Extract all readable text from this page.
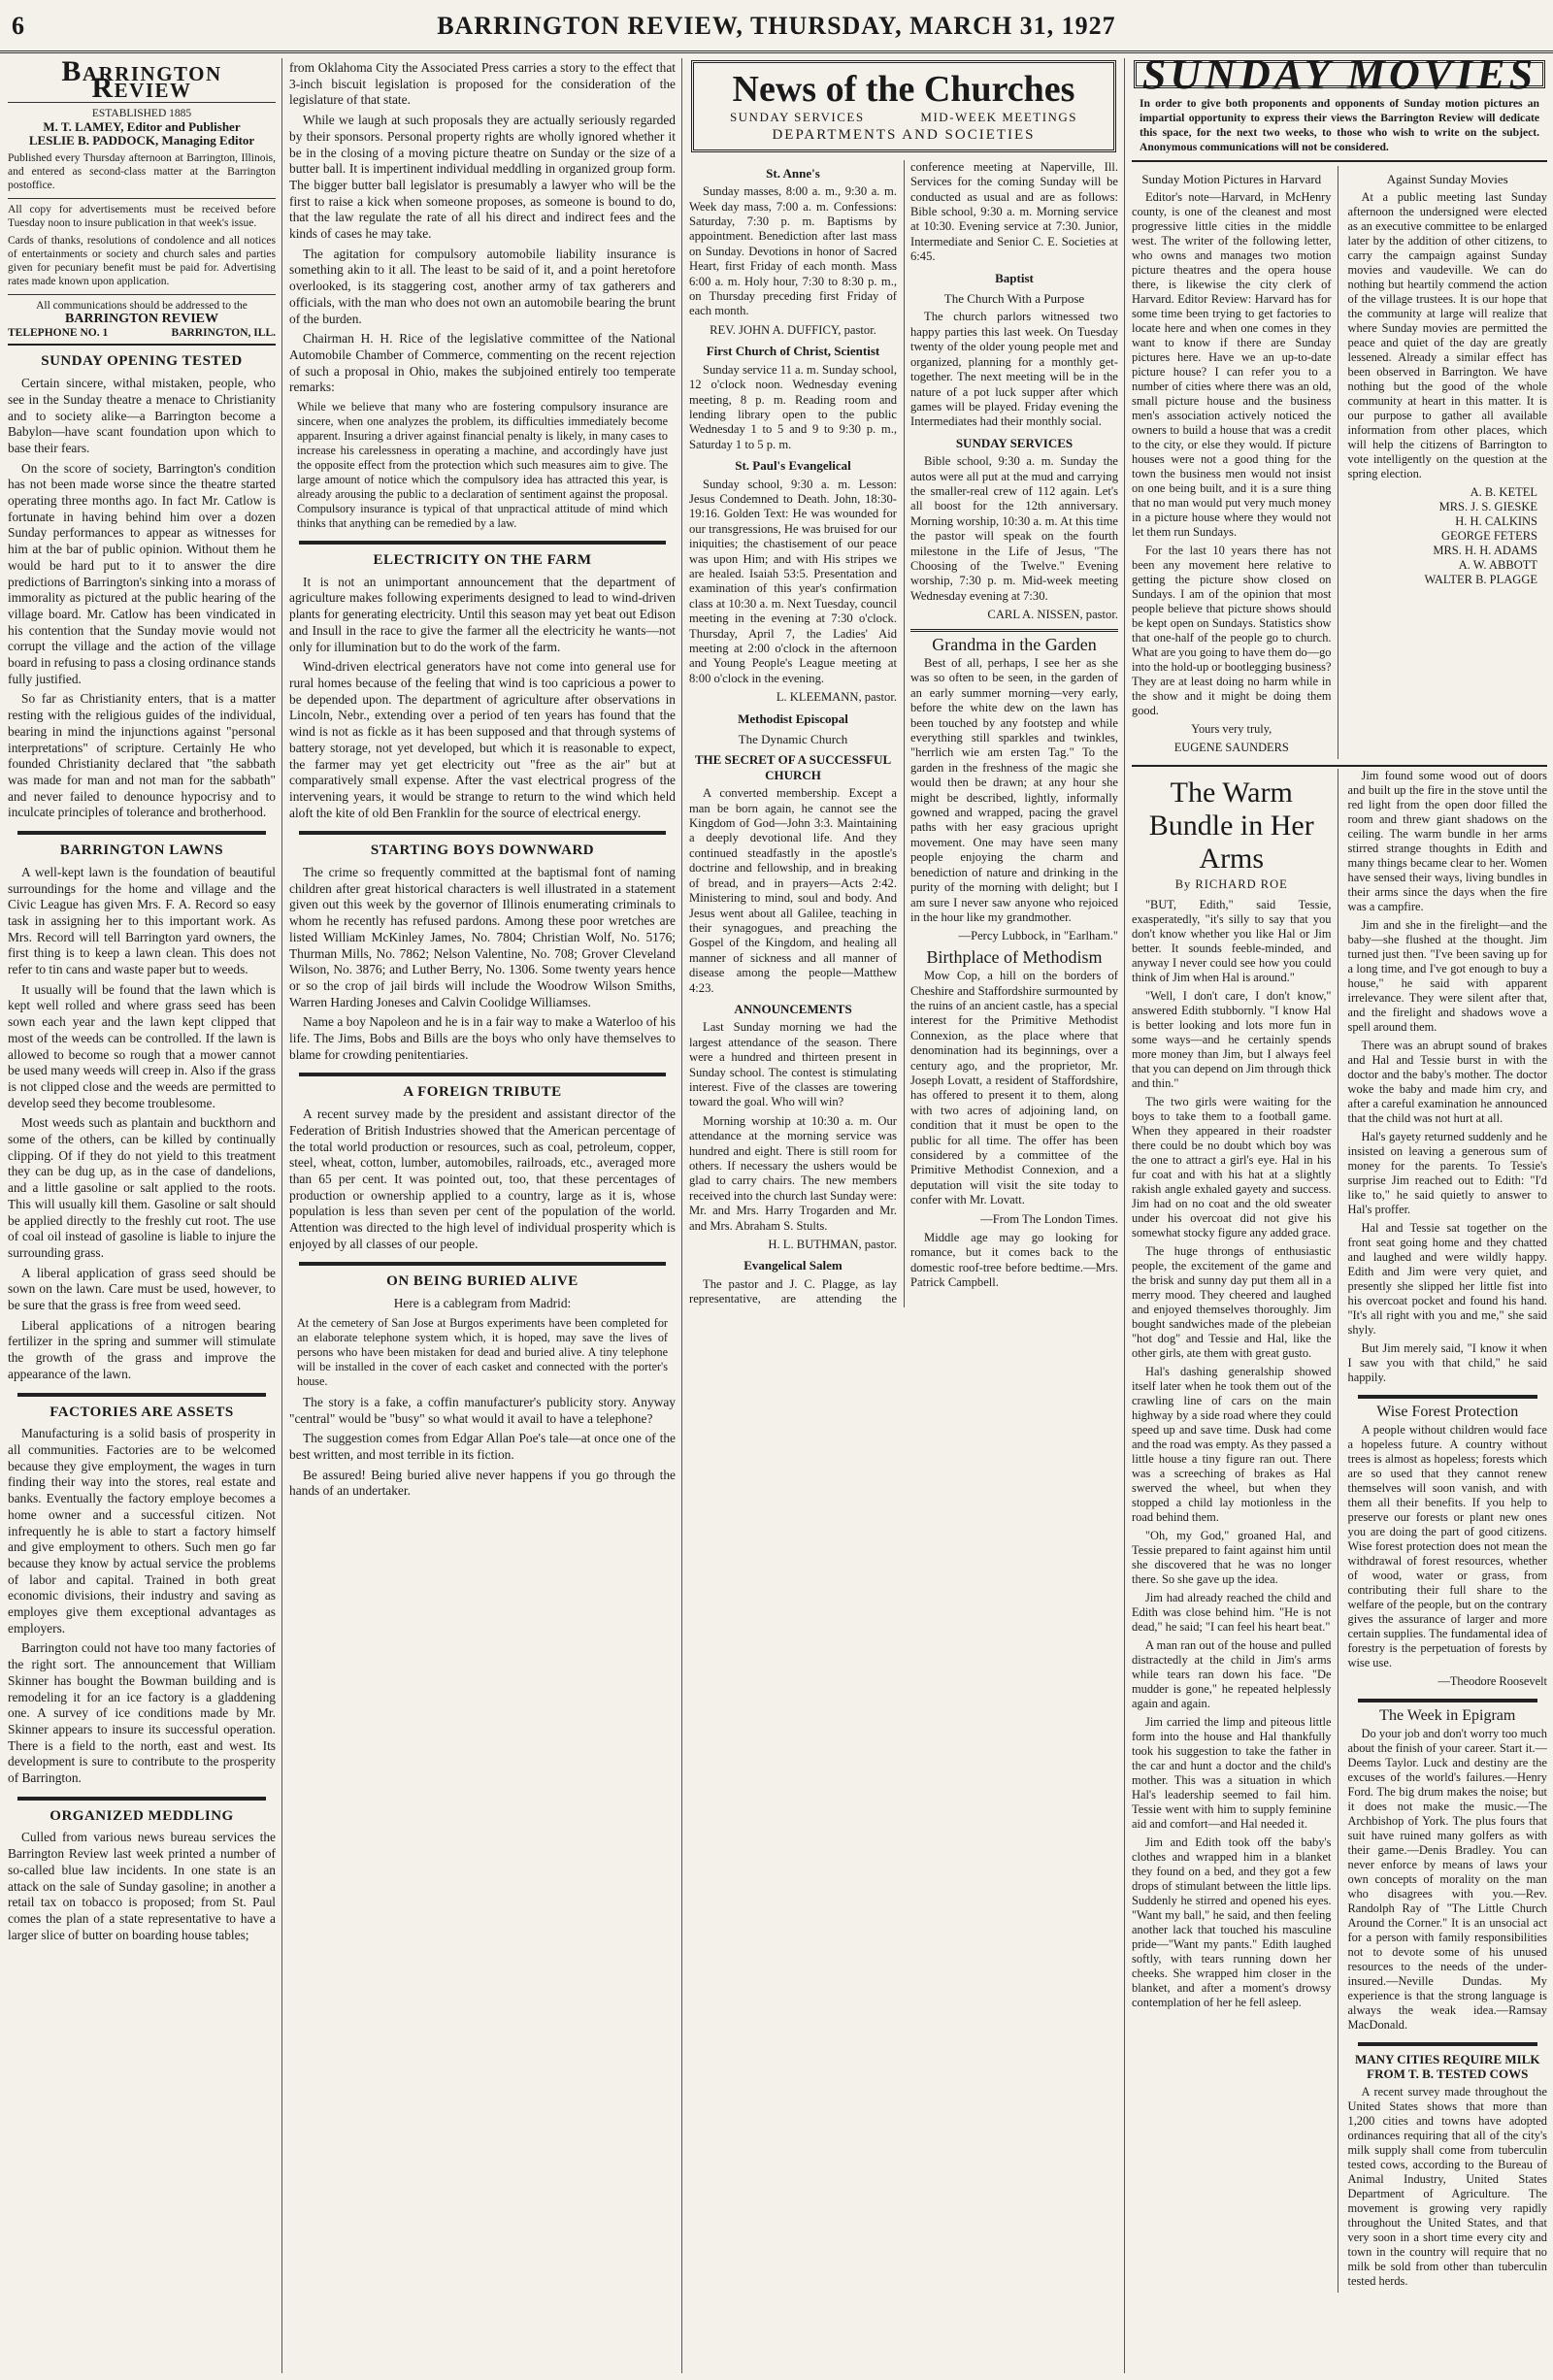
6	BARRINGTON REVIEW, THURSDAY, MARCH 31, 1927
Barrington Review
ESTABLISHED 1885
M. T. LAMEY, Editor and Publisher
LESLIE B. PADDOCK, Managing Editor
Published every Thursday afternoon at Barrington, Illinois, and entered as second-class matter at the Barrington postoffice.
All copy for advertisements must be received before Tuesday noon to insure publication in that week's issue.
Cards of thanks, resolutions of condolence and all notices of entertainments or society and church sales and parties given for pecuniary benefit must be paid for. Advertising rates made known upon application.
All communications should be addressed to the
BARRINGTON REVIEW
TELEPHONE NO. 1	BARRINGTON, ILL.
SUNDAY OPENING TESTED

Certain sincere, withal mistaken, people, who see in the Sunday theatre a menace to Christianity and to society alike—a Barrington become a Babylon—have scant foundation upon which to base their fears.

On the score of society, Barrington's condition has not been made worse since the theatre started operating three months ago. In fact Mr. Catlow is fortunate in having behind him over a dozen Sunday performances to appear as witnesses for him at the bar of public opinion. Without them he would be hard put to it to answer the dire predictions of Barrington's sinking into a morass of immorality as pictured at the public hearing of the village board. Mr. Catlow has been vindicated in his contention that the Sunday movie would not corrupt the village and the action of the village board in refusing to pass a closing ordinance stands fully justified.

So far as Christianity enters, that is a matter resting with the religious guides of the individual, bearing in mind the injunctions against "personal interpretations" of scripture. Certainly He who founded Christianity declared that "the sabbath was made for man and not man for the sabbath" and never failed to denounce hypocrisy and to inculcate principles of tolerance and brotherhood.

BARRINGTON LAWNS

A well-kept lawn is the foundation of beautiful surroundings for the home and village and the Civic League has given Mrs. F. A. Record so easy task in assigning her to this important work. As Mrs. Record will tell Barrington yard owners, the first thing is to keep a lawn clean. This does not refer to tin cans and waste paper but to weeds.

It usually will be found that the lawn which is kept well rolled and where grass seed has been sown each year and the lawn kept clipped that most of the weeds can be controlled. If the lawn is allowed to become so rough that a mower cannot be used many weeds will creep in. Also if the grass is not clipped close and the weeds are permitted to develop seed they become troublesome.

Most weeds such as plantain and buckthorn and some of the others, can be killed by continually clipping. Of if they do not yield to this treatment they can be dug up, as in the case of dandelions, and a little gasoline or salt applied to the roots. This will usually kill them. Gasoline or salt should be applied directly to the freshly cut root. The use of coal oil instead of gasoline is liable to injure the surrounding grass.

A liberal application of grass seed should be sown on the lawn. Care must be used, however, to be sure that the grass is free from weed seed.

Liberal applications of a nitrogen bearing fertilizer in the spring and summer will stimulate the growth of the grass and improve the appearance of the lawn.

FACTORIES ARE ASSETS

Manufacturing is a solid basis of prosperity in all communities. Factories are to be welcomed because they give employment, the wages in turn finding their way into the stores, real estate and banks. Eventually the factory employe becomes a home owner and a successful citizen. Not infrequently he is able to start a factory himself and give employment to others. Such men go far because they know by actual service the problems of labor and capital. Trained in both great economic divisions, their industry and saving as employes give them exceptional advantages as employers.

Barrington could not have too many factories of the right sort. The announcement that William Skinner has bought the Bowman building and is remodeling it for an ice factory is a gladdening one. A survey of ice conditions made by Mr. Skinner appears to insure its successful operation. There is a field to the north, east and west. Its development is sure to contribute to the prosperity of Barrington.

ORGANIZED MEDDLING

Culled from various news bureau services the Barrington Review last week printed a number of so-called blue law incidents. In one state is an attack on the sale of Sunday gasoline; in another a retail tax on tobacco is proposed; from St. Paul comes the plan of a state representative to have a larger slice of butter on boarding house tables;

from Oklahoma City the Associated Press carries a story to the effect that 3-inch biscuit legislation is proposed for the consideration of the legislature of that state.

While we laugh at such proposals they are actually seriously regarded by their sponsors. Personal property rights are wholly ignored whether it be in the closing of a moving picture theatre on Sunday or the size of a butter ball. It is impertinent individual meddling in organized group form. The bigger butter ball legislator is presumably a lawyer who will be the first to raise a kick when someone proposes, as someone is bound to do, that the law regulate the rate of all his direct and indirect fees and the kinds of cases he may take.

The agitation for compulsory automobile liability insurance is something akin to it all. The least to be said of it, and a point heretofore overlooked, is its staggering cost, another army of tax gatherers and officials, with the man who does not own an automobile bearing the brunt of the burden.

Chairman H. H. Rice of the legislative committee of the National Automobile Chamber of Commerce, commenting on the recent rejection of such a proposal in Ohio, makes the subjoined entirely too temperate remarks:

While we believe that many who are fostering compulsory insurance are sincere, when one analyzes the problem, its difficulties immediately become apparent. Insuring a driver against financial penalty is likely, in many cases to increase his carelessness in operating a machine, and accordingly have just the opposite effect from the protection which such measures aim to give. The large amount of notice which the compulsory idea has attracted this year, is already arousing the public to a declaration of sentiment against the proposal. Compulsory insurance is typical of that unpractical attitude of mind which thinks that anything can be remedied by a law.
ELECTRICITY ON THE FARM

It is not an unimportant announcement that the department of agriculture makes following experiments designed to lead to wind-driven plants for generating electricity. Until this season may yet beat out Edison and Insull in the race to give the farmer all the electricity he wants—not only for illumination but to do the work of the farm.

Wind-driven electrical generators have not come into general use for rural homes because of the feeling that wind is too capricious a power to be depended upon. The department of agriculture after observations in Lincoln, Nebr., extending over a period of ten years has found that the wind is not as fickle as it has been supposed and that through systems of battery storage, not yet developed, but which it is reasonable to expect, the farmer may yet get electricity out "free as the air" but at comparatively small expense. After the vast electrical progress of the intervening years, it would be strange to return to the wind which held aloft the kite of old Ben Franklin for the source of electrical energy.

STARTING BOYS DOWNWARD

The crime so frequently committed at the baptismal font of naming children after great historical characters is well illustrated in a statement given out this week by the governor of Illinois enumerating criminals to whom he recently has refused pardons. Among these poor wretches are listed William McKinley James, No. 7804; Christian Wolf, No. 5176; Thurman Mills, No. 7862; Nelson Valentine, No. 708; Grover Cleveland Wilson, No. 3876; and Luther Berry, No. 1306. Some twenty years hence or so the crop of jail birds will include the Woodrow Wilson Smiths, Warren Harding Joneses and Calvin Coolidge Williamses.

Name a boy Napoleon and he is in a fair way to make a Waterloo of his life. The Jims, Bobs and Bills are the boys who only have themselves to blame for crowding penitentiaries.

A FOREIGN TRIBUTE

A recent survey made by the president and assistant director of the Federation of British Industries showed that the American percentage of the total world production or resources, such as coal, petroleum, copper, steel, wheat, cotton, lumber, automobiles, railroads, etc., averaged more than 65 per cent. It was pointed out, too, that these percentages of production or ownership applied to a country, large as it is, whose population is less than seven per cent of the population of the world. Attention was directed to the high level of individual prosperity which is enjoyed by all classes of our people.

ON BEING BURIED ALIVE

Here is a cablegram from Madrid:

At the cemetery of San Jose at Burgos experiments have been completed for an elaborate telephone system which, it is hoped, may save the lives of persons who have been mistaken for dead and buried alive. A tiny telephone will be installed in the cover of each casket and connected with the porter's house.

The story is a fake, a coffin manufacturer's publicity story. Anyway "central" would be "busy" so what would it avail to have a telephone?

The suggestion comes from Edgar Allan Poe's tale—at once one of the best written, and most terrible in its fiction.

Be assured! Being buried alive never happens if you go through the hands of an undertaker.

News of the Churches
SUNDAY SERVICES	MID-WEEK MEETINGS
DEPARTMENTS AND SOCIETIES
St. Anne's

Sunday masses, 8:00 a. m., 9:30 a. m. Week day mass, 7:00 a. m. Confessions: Saturday, 7:30 p. m. Baptisms by appointment. Benediction after last mass on Sunday. Devotions in honor of Sacred Heart, first Friday of each month. Mass 6:00 a. m. Holy hour, 7:30 to 8:30 p. m., on Thursday preceding first Friday of each month.

REV. JOHN A. DUFFICY, pastor.

First Church of Christ, Scientist

Sunday service 11 a. m. Sunday school, 12 o'clock noon. Wednesday evening meeting, 8 p. m. Reading room and lending library open to the public Wednesday 1 to 5 and 9 to 9:30 p. m., Saturday 1 to 5 p. m.

St. Paul's Evangelical

Sunday school, 9:30 a. m. Lesson: Jesus Condemned to Death. John, 18:30-19:16. Golden Text: He was wounded for our transgressions, He was bruised for our iniquities; the chastisement of our peace was upon Him; and with His stripes we are healed. Isaiah 53:5. Presentation and examination of this year's confirmation class at 10:30 a. m. Next Tuesday, council meeting in the evening at 7:30 o'clock. Thursday, April 7, the Ladies' Aid meeting at 2:00 o'clock in the afternoon and Young People's League meeting at 8:00 o'clock in the evening.

L. KLEEMANN, pastor.

Methodist Episcopal
The Dynamic Church
THE SECRET OF A SUCCESSFUL CHURCH

A converted membership. Except a man be born again, he cannot see the Kingdom of God—John 3:3. Maintaining a deeply devotional life. And they continued steadfastly in the apostle's doctrine and fellowship, and in breaking of bread, and in prayers—Acts 2:42. Ministering to mind, soul and body. And Jesus went about all Galilee, teaching in their synagogues, and preaching the Gospel of the Kingdom, and healing all manner of sickness and all manner of disease among the people—Matthew 4:23.

ANNOUNCEMENTS

Last Sunday morning we had the largest attendance of the season. There were a hundred and thirteen present in Sunday school. The contest is stimulating interest. Five of the classes are towering toward the goal. Who will win?

Morning worship at 10:30 a. m. Our attendance at the morning service was hundred and eight. There is still room for others. If necessary the ushers would be glad to carry chairs. The new members received into the church last Sunday were: Mr. and Mrs. Harry Trogarden and Mr. and Mrs. Abraham S. Stults.

H. L. BUTHMAN, pastor.

Evangelical Salem

The pastor and J. C. Plagge, as lay representative, are attending the conference meeting at Naperville, Ill. Services for the coming Sunday will be conducted as usual and are as follows: Bible school, 9:30 a. m. Morning service at 10:30. Evening service at 7:30. Junior, Intermediate and Senior C. E. Societies at 6:45.

Baptist
The Church With a Purpose

The church parlors witnessed two happy parties this last week. On Tuesday twenty of the older young people met and organized, planning for a monthly get-together. The next meeting will be in the nature of a pot luck supper after which games will be played. Friday evening the Intermediates had their monthly social.

SUNDAY SERVICES

Bible school, 9:30 a. m. Sunday the autos were all put at the mud and carrying the smaller-real crew of 112 again. Let's all boost for the 12th anniversary. Morning worship, 10:30 a. m. At this time the pastor will speak on the fourth milestone in the Life of Jesus, "The Choosing of the Twelve." Evening worship, 7:30 p. m. Mid-week meeting Wednesday evening at 7:30.

CARL A. NISSEN, pastor.

Grandma in the Garden

Best of all, perhaps, I see her as she was so often to be seen, in the garden of an early summer morning—very early, before the white dew on the lawn has been touched by any footstep and while everything still sparkles and twinkles, "herrlich wie am ersten Tag." To the garden in the freshness of the magic she would then be drawn; at any hour she might be described, lightly, informally gowned and wrapped, pacing the gravel paths with her easy gracious upright movement. One may have seen many people enjoying the charm and benediction of nature and drinking in the purity of the morning with delight; but I am sure I never saw anyone who rejoiced in the hour like my grandmother.

—Percy Lubbock, in "Earlham."

Birthplace of Methodism

Mow Cop, a hill on the borders of Cheshire and Staffordshire surmounted by the ruins of an ancient castle, has a special interest for the Primitive Methodist Connexion, as the place where that denomination had its beginnings, over a century ago, and the proprietor, Mr. Joseph Lovatt, a resident of Staffordshire, has offered to present it to them, along with two acres of adjoining land, on condition that it must be open to the public for all time. The offer has been considered by a committee of the Primitive Methodist Connexion, and a deputation will visit the site today to confer with Mr. Lovatt.

—From The London Times.

Middle age may go looking for romance, but it comes back to the domestic roof-tree before bedtime.—Mrs. Patrick Campbell.

SUNDAY MOVIES
In order to give both proponents and opponents of Sunday motion pictures an impartial opportunity to express their views the Barrington Review will dedicate this space, for the next two weeks, to those who wish to write on the subject. Anonymous communications will not be considered.
Sunday Motion Pictures in Harvard

Editor's note—Harvard, in McHenry county, is one of the cleanest and most progressive little cities in the middle west. The writer of the following letter, who owns and manages two motion picture theatres and the opera house there, is likewise the city clerk of Harvard. Editor Review: Harvard has for some time been trying to get factories to locate here and when one comes in they want to know if there are Sunday pictures here. Have we an up-to-date picture house? I can refer you to a number of cities where there was an old, small picture house and the business men's association actively noticed the owners to build a house that was a credit to the city, or else they would. If picture houses were not a good thing for the town the business men would not insist on one being built, and it is a sure thing that no man would put very much money in a picture house where they would not let them run Sundays.

For the last 10 years there has not been any movement here relative to getting the picture show closed on Sundays. I am of the opinion that most people believe that picture shows should be kept open on Sundays. Statistics show that one-half of the people go to church. What are you going to have them do—go into the hold-up or bootlegging business? They are at least doing no harm while in the show and it might be doing them good.

Yours very truly,

EUGENE SAUNDERS

Against Sunday Movies

At a public meeting last Sunday afternoon the undersigned were elected as an executive committee to be enlarged later by the addition of other citizens, to carry the campaign against Sunday movies and vaudeville. We can do nothing but heartily commend the action of the village trustees. It is our hope that the community at large will realize that where Sunday movies are permitted the peace and quiet of the day are greatly lessened. Already a similar effect has been observed in Barrington. We have nothing but the good of the whole community at heart in this matter. It is our purpose to gather all available information from other places, which will help the citizens of Barrington to vote intelligently on the question at the spring election.

A. B. KETEL
MRS. J. S. GIESKE
H. H. CALKINS
GEORGE FETERS
MRS. H. H. ADAMS
A. W. ABBOTT
WALTER B. PLAGGE
The Warm Bundle in Her Arms
By RICHARD ROE

"BUT, Edith," said Tessie, exasperatedly, "it's silly to say that you don't know whether you like Hal or Jim better. It sounds feeble-minded, and anyway I never could see how you could think of Jim when Hal is around."

"Well, I don't care, I don't know," answered Edith stubbornly. "I know Hal is better looking and lots more fun in some ways—and he certainly spends more money than Jim, but I always feel that you can depend on Jim through thick and thin."

The two girls were waiting for the boys to take them to a football game. When they appeared in their roadster there could be no doubt which boy was the one to attract a girl's eye. Hal in his fur coat and with his hat at a slightly rakish angle exhaled gayety and success. Jim had on no coat and the old sweater under his overcoat did not give his somewhat stocky figure any added grace.

The huge throngs of enthusiastic people, the excitement of the game and the brisk and sunny day put them all in a merry mood. They cheered and laughed and enjoyed themselves thoroughly. Jim bought sandwiches made of the plebeian "hot dog" and Tessie and Hal, like the other girls, ate them with great gusto.

Hal's dashing generalship showed itself later when he took them out of the crawling line of cars on the main highway by a side road where they could speed up and save time. Dusk had come and the road was empty. As they passed a little house a tiny figure ran out. There was a screeching of brakes as Hal swerved the wheel, but when they stopped a child lay motionless in the road behind them.

"Oh, my God," groaned Hal, and Tessie prepared to faint against him until she discovered that he was no longer there. So she gave up the idea.

Jim had already reached the child and Edith was close behind him. "He is not dead," he said; "I can feel his heart beat."

A man ran out of the house and pulled distractedly at the child in Jim's arms while tears ran down his face. "De mudder is gone," he repeated helplessly again and again.

Jim carried the limp and piteous little form into the house and Hal thankfully took his suggestion to take the father in the car and hunt a doctor and the child's mother. This was a situation in which Hal's leadership seemed to fail him. Tessie went with him to supply feminine aid and comfort—and Hal needed it.

Jim and Edith took off the baby's clothes and wrapped him in a blanket they found on a bed, and they got a few drops of stimulant between the little lips. Suddenly he stirred and opened his eyes. "Want my ball," he said, and then feeling another lack that touched his masculine pride—"Want my pants." Edith laughed softly, with tears running down her cheeks. She wrapped him closer in the blanket, and after a moment's drowsy contemplation of her he fell asleep.

Jim found some wood out of doors and built up the fire in the stove until the red light from the open door filled the room and threw giant shadows on the ceiling. The warm bundle in her arms stirred strange thoughts in Edith and many things became clear to her. Women have sensed their ways, living bundles in their arms since the days when the fire was a campfire.

Jim and she in the firelight—and the baby—she flushed at the thought. Jim turned just then. "I've been saving up for a long time, and I've got enough to buy a house," he said with apparent irrelevance. They were silent after that, and the firelight and shadows wove a spell around them.

There was an abrupt sound of brakes and Hal and Tessie burst in with the doctor and the baby's mother. The doctor woke the baby and made him cry, and after a careful examination he announced that the child was not hurt at all.

Hal's gayety returned suddenly and he insisted on leaving a generous sum of money for the parents. To Tessie's surprise Jim reached out to Edith: "I'd like to," he said quietly to answer to Hal's proffer.

Hal and Tessie sat together on the front seat going home and they chatted and laughed and were wildly happy. Edith and Jim were very quiet, and presently she slipped her little fist into his overcoat pocket and found his hand. "It's all right with you and me," she said shyly.

But Jim merely said, "I know it when I saw you with that child," he said happily.

Wise Forest Protection

A people without children would face a hopeless future. A country without trees is almost as hopeless; forests which are so used that they cannot renew themselves will soon vanish, and with them all their benefits. If you help to preserve our forests or plant new ones you are doing the part of good citizens. Wise forest protection does not mean the withdrawal of forest resources, whether of wood, water or grass, from contributing their full share to the welfare of the people, but on the contrary gives the assurance of larger and more certain supplies. The fundamental idea of forestry is the perpetuation of forests by wise use.

—Theodore Roosevelt

The Week in Epigram

Do your job and don't worry too much about the finish of your career. Start it.—Deems Taylor. Luck and destiny are the excuses of the world's failures.—Henry Ford. The big drum makes the noise; but it does not make the music.—The Archbishop of York. The plus fours that suit have ruined many golfers as with their game.—Denis Bradley. You can never enforce by means of laws your own concepts of morality on the man who disagrees with you.—Rev. Randolph Ray of "The Little Church Around the Corner." It is an unsocial act for a person with family responsibilities not to devote some of his unused resources to the needs of the under-insured.—Neville Dundas. My experience is that the strong language is always the weak idea.—Ramsay MacDonald.

MANY CITIES REQUIRE MILK FROM T. B. TESTED COWS

A recent survey made throughout the United States shows that more than 1,200 cities and towns have adopted ordinances requiring that all of the city's milk supply shall come from tuberculin tested cows, according to the Bureau of Animal Industry, United States Department of Agriculture. The movement is growing very rapidly throughout the United States, and that very soon in a short time every city and town in the country will require that no milk be sold from other than tuberculin tested herds.
